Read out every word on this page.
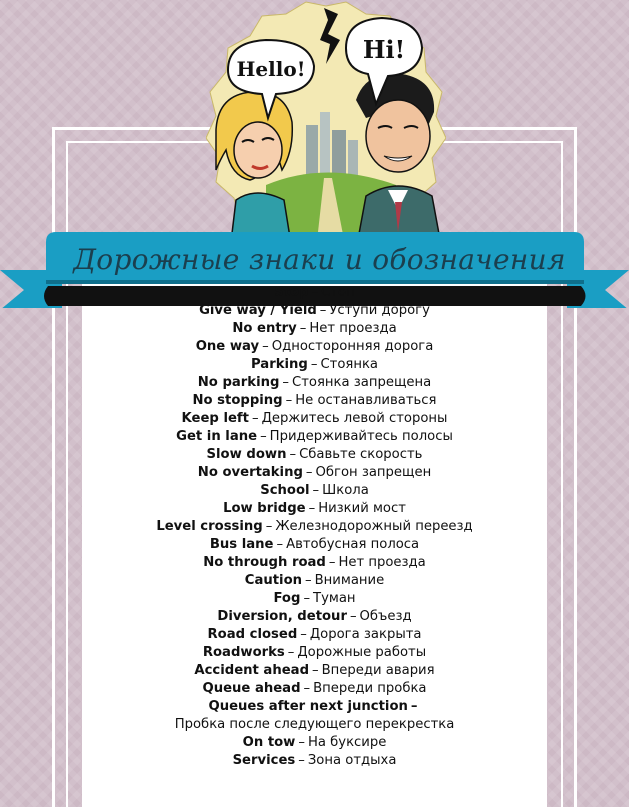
Hello!
Hi!
Дорожные знаки и обозначения
Stop – Стоп
Give way / Yield – Уступи дорогу
No entry – Нет проезда
One way – Односторонняя дорога
Parking – Стоянка
No parking – Стоянка запрещена
No stopping – Не останавливаться
Keep left – Держитесь левой стороны
Get in lane – Придерживайтесь полосы
Slow down – Сбавьте скорость
No overtaking – Обгон запрещен
School – Школа
Low bridge – Низкий мост
Level crossing – Железнодорожный переезд
Bus lane – Автобусная полоса
No through road – Нет проезда
Caution – Внимание
Fog – Туман
Diversion, detour – Объезд
Road closed – Дорога закрыта
Roadworks – Дорожные работы
Accident ahead – Впереди авария
Queue ahead – Впереди пробка
Queues after next junction –
Пробка после следующего перекрестка
On tow – На буксире
Services – Зона отдыха
